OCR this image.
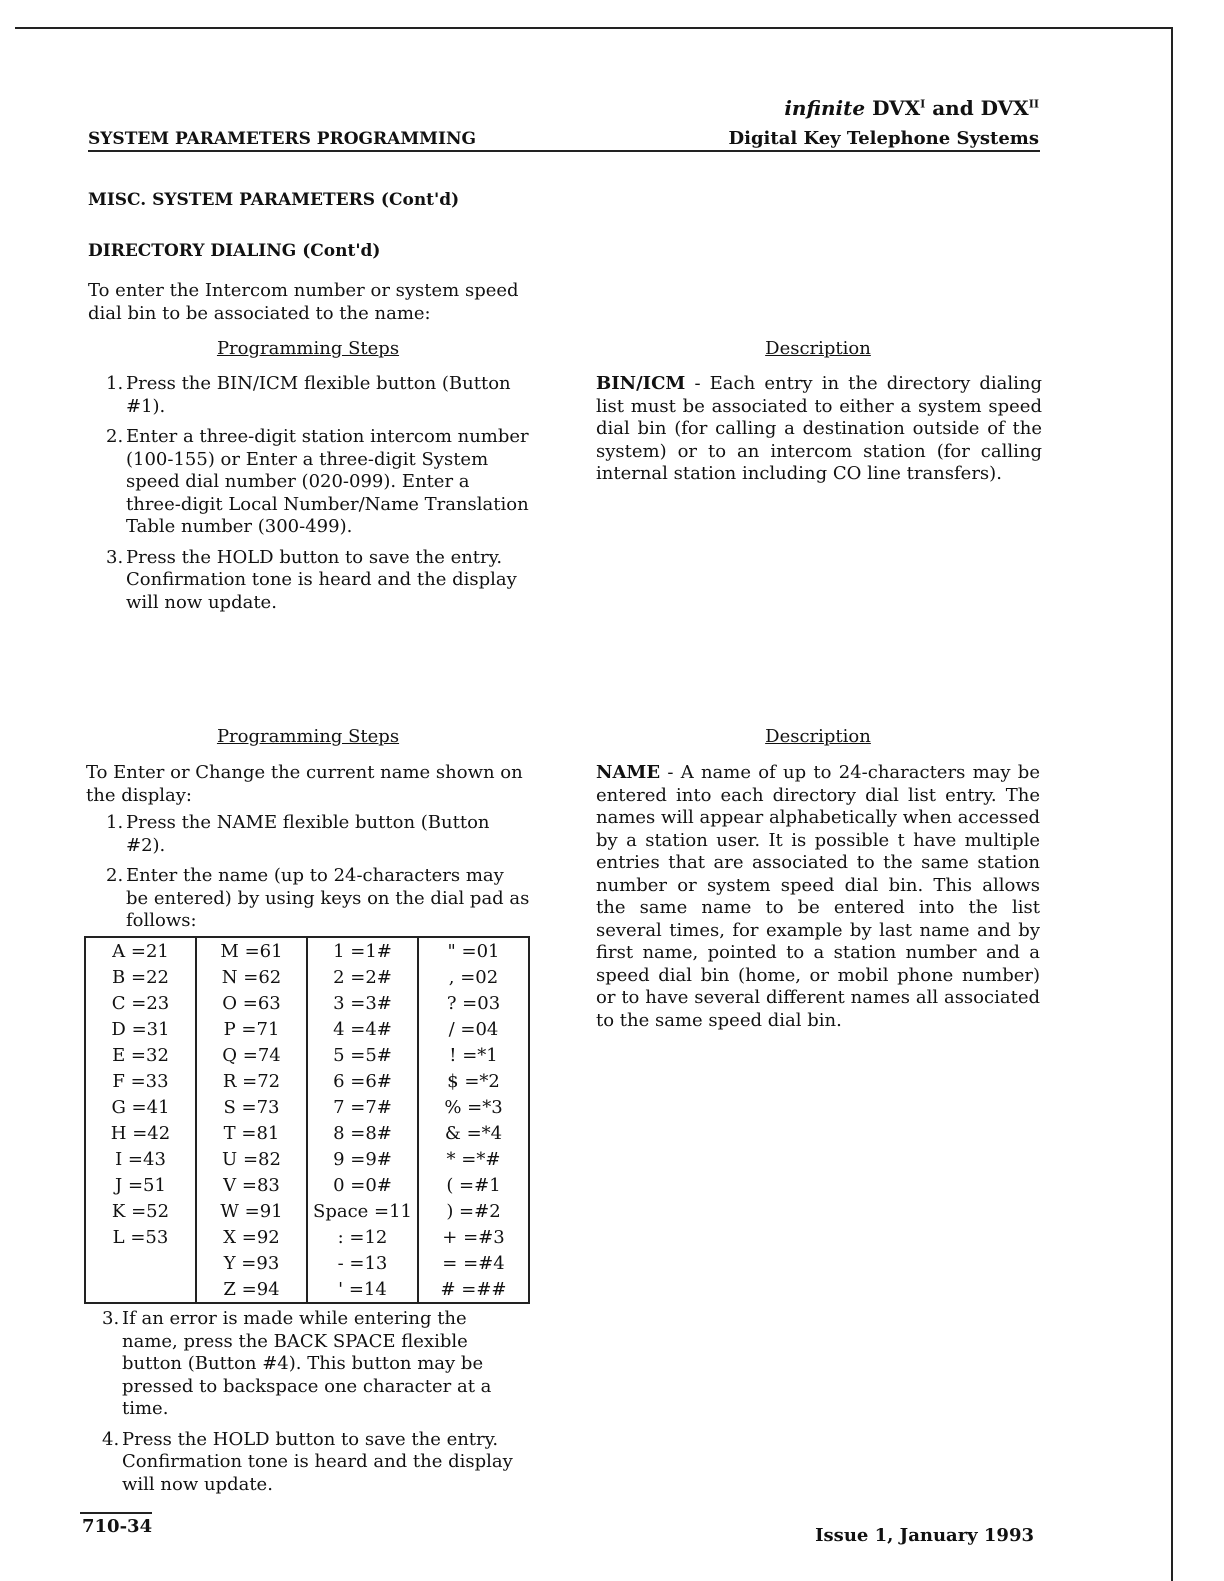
infinite $DVX^I$ and $DVX^{II}$
Digital Key Telephone Systems
SYSTEM PARAMETERS PROGRAMMING
MISC. SYSTEM PARAMETERS (Cont'd)
DIRECTORY DIALING (Cont'd)
To enter the Intercom number or system speed dial bin to be associated to the name:
Programming Steps	Description
1. Press the BIN/ICM flexible button (Button #1).
2. Enter a three-digit station intercom number (100-155) or Enter a three-digit System speed dial number (020-099). Enter a three-digit Local Number/Name Translation Table number (300-499).
3. Press the HOLD button to save the entry. Confirmation tone is heard and the display will now update.
BIN/ICM - Each entry in the directory dialing list must be associated to either a system speed dial bin (for calling a destination outside of the system) or to an intercom station (for calling internal station including CO line transfers).
Programming Steps	Description
To Enter or Change the current name shown on the display:
1. Press the NAME flexible button (Button #2).
2. Enter the name (up to 24-characters may be entered) by using keys on the dial pad as follows:
A =21	M =61	1 =1#	" =01
B =22	N =62	2 =2#	, =02
C =23	O =63	3 =3#	? =03
D =31	P =71	4 =4#	/ =04
E =32	Q =74	5 =5#	! =*1
F =33	R =72	6 =6#	$ =*2
G =41	S =73	7 =7#	% =*3
H =42	T =81	8 =8#	& =*4
I =43	U =82	9 =9#	* =*#
J =51	V =83	0 =0#	( =#1
K =52	W =91	Space =11	) =#2
L =53	X =92	: =12	+ =#3
	Y =93	- =13	= =#4
	Z =94	' =14	# =##
3. If an error is made while entering the name, press the BACK SPACE flexible button (Button #4). This button may be pressed to backspace one character at a time.
4. Press the HOLD button to save the entry. Confirmation tone is heard and the display will now update.
NAME - A name of up to 24-characters may be entered into each directory dial list entry. The names will appear alphabetically when accessed by a station user. It is possible t have multiple entries that are associated to the same station number or system speed dial bin. This allows the same name to be entered into the list several times, for example by last name and by first name, pointed to a station number and a speed dial bin (home, or mobil phone number) or to have several different names all associated to the same speed dial bin.
710-34	Issue 1, January 1993
